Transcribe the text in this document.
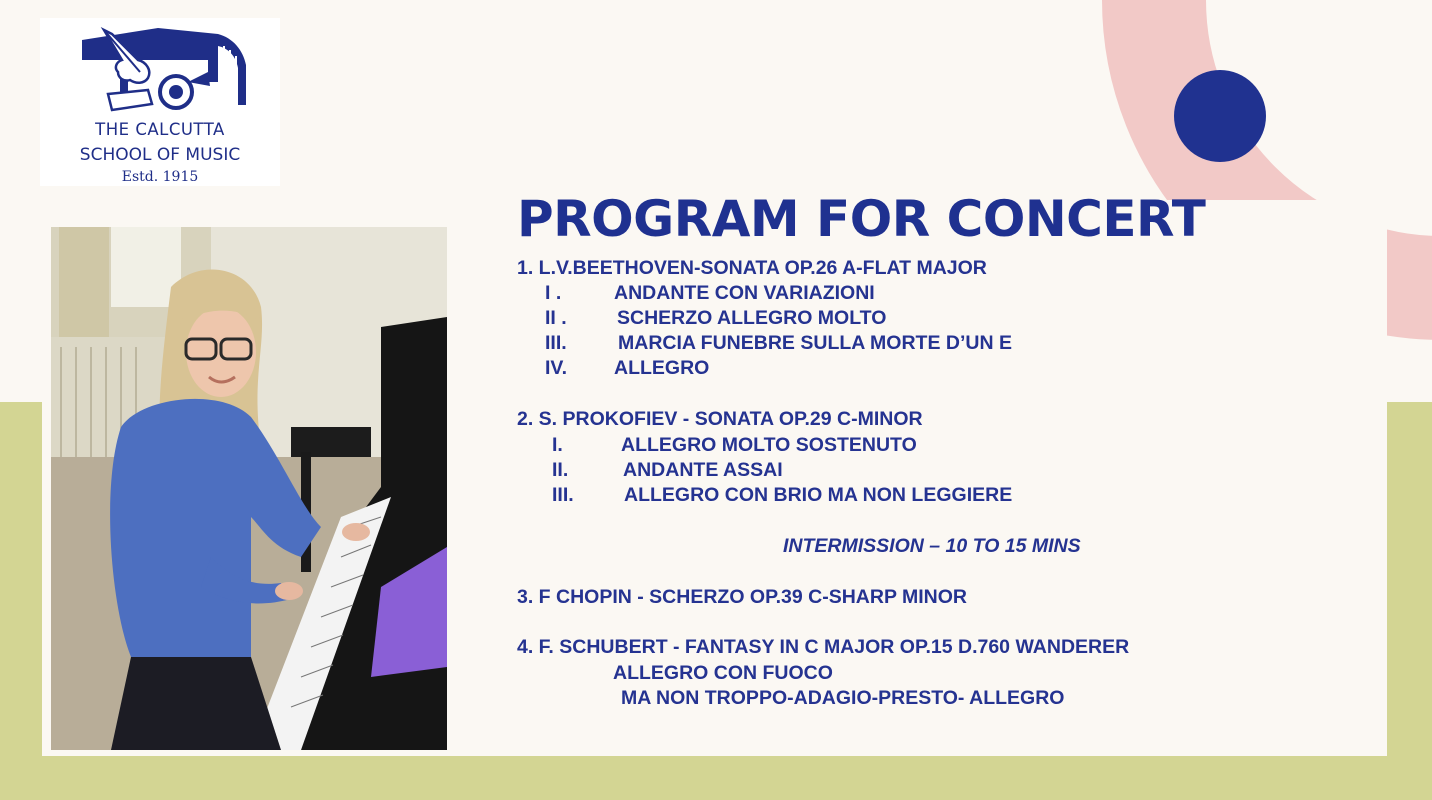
THE CALCUTTA
SCHOOL OF MUSIC
Estd. 1915
PROGRAM FOR CONCERT

1. L.V.BEETHOVEN-SONATA OP.26 A-FLAT MAJOR

I .	ANDANTE CON VARIAZIONI

II .	SCHERZO ALLEGRO MOLTO

III.	MARCIA FUNEBRE SULLA MORTE D’UN E

IV. ALLEGRO

2. S. PROKOFIEV - SONATA OP.29 C-MINOR

I.	ALLEGRO MOLTO SOSTENUTO

II.	ANDANTE ASSAI

III.	ALLEGRO CON BRIO MA NON LEGGIERE

INTERMISSION – 10 TO 15 MINS

3. F CHOPIN - SCHERZO OP.39 C-SHARP MINOR

4. F. SCHUBERT - FANTASY IN C MAJOR OP.15 D.760 WANDERER

ALLEGRO CON FUOCO

MA NON TROPPO-ADAGIO-PRESTO- ALLEGRO
